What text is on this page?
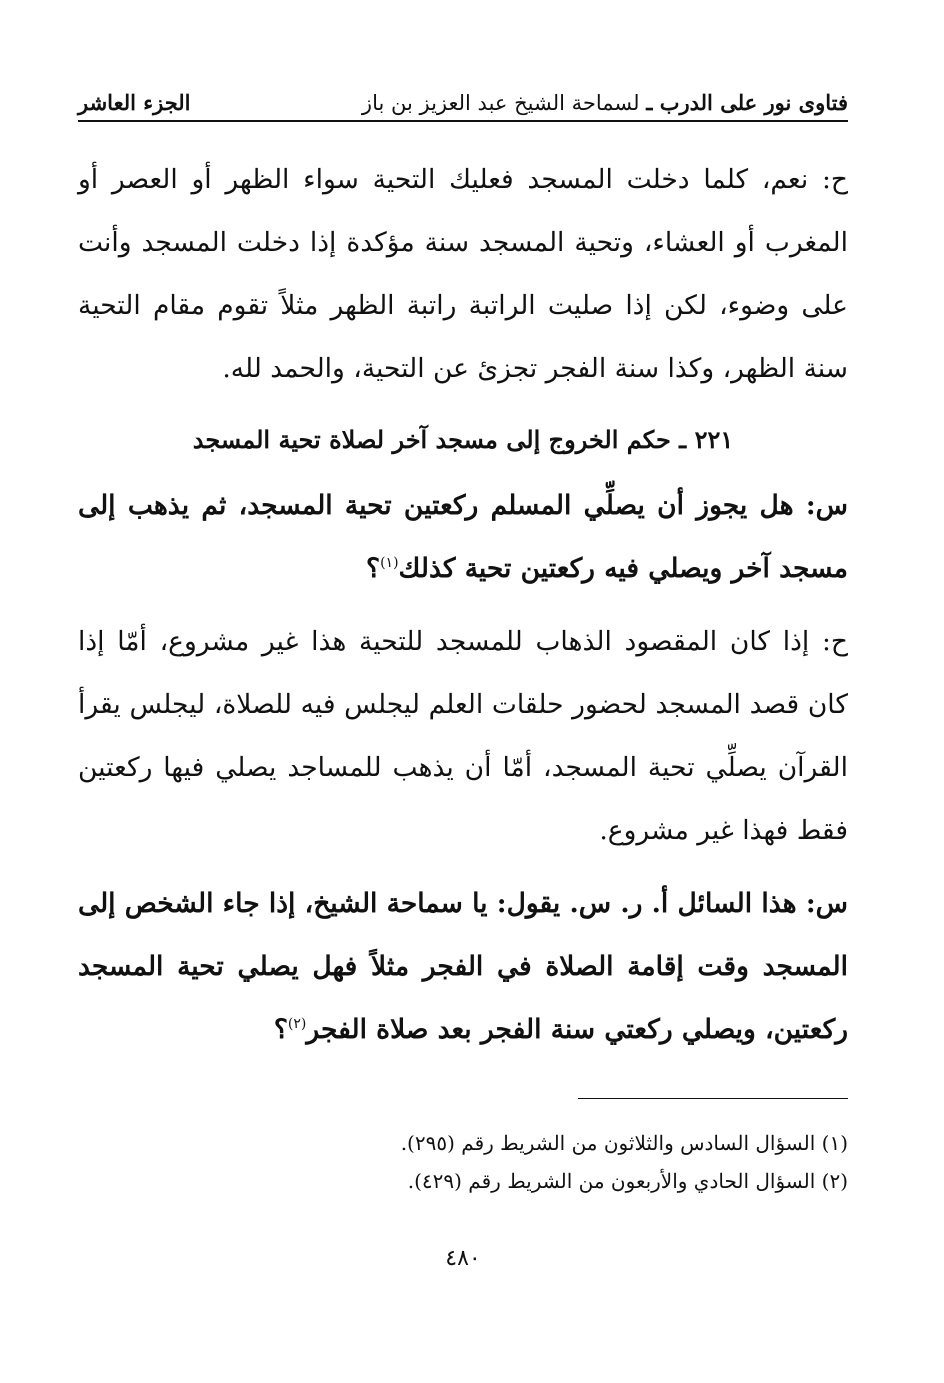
فتاوى نور على الدرب ـ لسماحة الشيخ عبد العزيز بن باز
الجزء العاشر

ح: نعم، كلما دخلت المسجد فعليك التحية سواء الظهر أو العصر أو المغرب أو العشاء، وتحية المسجد سنة مؤكدة إذا دخلت المسجد وأنت على وضوء، لكن إذا صليت الراتبة راتبة الظهر مثلاً تقوم مقام التحية سنة الظهر، وكذا سنة الفجر تجزئ عن التحية، والحمد لله.

٢٢١ ـ حكم الخروج إلى مسجد آخر لصلاة تحية المسجد

س: هل يجوز أن يصلِّي المسلم ركعتين تحية المسجد، ثم يذهب إلى مسجد آخر ويصلي فيه ركعتين تحية كذلك$^{(١)}$؟

ح: إذا كان المقصود الذهاب للمسجد للتحية هذا غير مشروع، أمّا إذا كان قصد المسجد لحضور حلقات العلم ليجلس فيه للصلاة، ليجلس يقرأ القرآن يصلِّي تحية المسجد، أمّا أن يذهب للمساجد يصلي فيها ركعتين فقط فهذا غير مشروع.

س: هذا السائل أ. ر. س. يقول: يا سماحة الشيخ، إذا جاء الشخص إلى المسجد وقت إقامة الصلاة في الفجر مثلاً فهل يصلي تحية المسجد ركعتين، ويصلي ركعتي سنة الفجر بعد صلاة الفجر$^{(٢)}$؟

(١) السؤال السادس والثلاثون من الشريط رقم (٢٩٥).

(٢) السؤال الحادي والأربعون من الشريط رقم (٤٢٩).

٤٨٠
